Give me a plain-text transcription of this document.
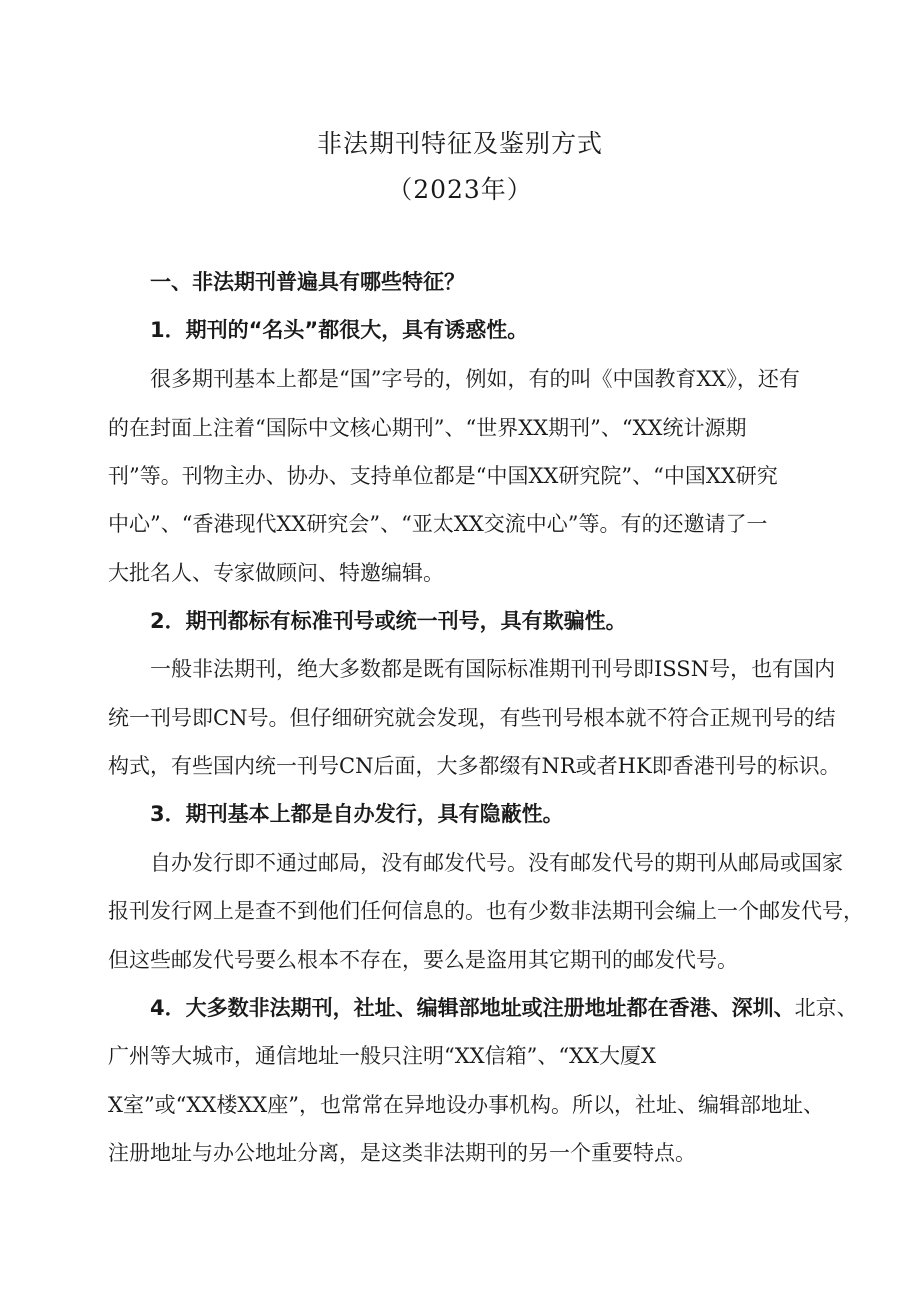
非法期刊特征及鉴别方式
（2023年）
一、非法期刊普遍具有哪些特征？
1．期刊的“名头”都很大，具有诱惑性。
很多期刊基本上都是“国”字号的，例如，有的叫《中国教育XX》，还有
的在封面上注着“国际中文核心期刊”、“世界XX期刊”、“XX统计源期
刊”等。刊物主办、协办、支持单位都是“中国XX研究院”、“中国XX研究
中心”、“香港现代XX研究会”、“亚太XX交流中心”等。有的还邀请了一
大批名人、专家做顾问、特邀编辑。
2．期刊都标有标准刊号或统一刊号，具有欺骗性。
一般非法期刊，绝大多数都是既有国际标准期刊刊号即ISSN号，也有国内
统一刊号即CN号。但仔细研究就会发现，有些刊号根本就不符合正规刊号的结
构式，有些国内统一刊号CN后面，大多都缀有NR或者HK即香港刊号的标识。
3．期刊基本上都是自办发行，具有隐蔽性。
自办发行即不通过邮局，没有邮发代号。没有邮发代号的期刊从邮局或国家
报刊发行网上是查不到他们任何信息的。也有少数非法期刊会编上一个邮发代号，
但这些邮发代号要么根本不存在，要么是盗用其它期刊的邮发代号。
4．大多数非法期刊，社址、编辑部地址或注册地址都在香港、深圳、北京、
广州等大城市，通信地址一般只注明“XX信箱”、“XX大厦X
X室”或“XX楼XX座”，也常常在异地设办事机构。所以，社址、编辑部地址、
注册地址与办公地址分离，是这类非法期刊的另一个重要特点。
